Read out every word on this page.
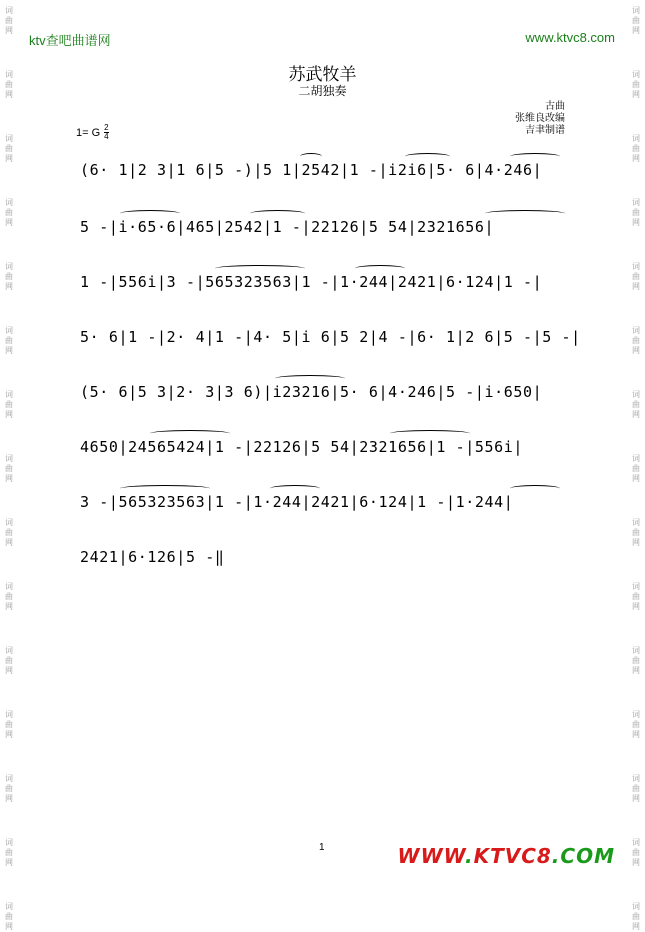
词
曲
网
词
曲
网
词
曲
网
词
曲
网
词
曲
网
词
曲
网
词
曲
网
词
曲
网
词
曲
网
词
曲
网
词
曲
网
词
曲
网
词
曲
网
词
曲
网
词
曲
网
词
曲
网
词
曲
网
词
曲
网
词
曲
网
词
曲
网
词
曲
网
词
曲
网
词
曲
网
词
曲
网
词
曲
网
词
曲
网
词
曲
网
词
曲
网
词
曲
网
词
曲
网
ktv查吧曲谱网	www.ktvc8.com
苏武牧羊
二胡独奏
古曲
张维良改编
吉聿制谱
1= G $\frac{2}{4}$
(6· 1|2 3|1 6|5 -)|5 1|2542|1 -|i2i6|5· 6|4·246|
5 -|i·65·6|465|2542|1 -|22126|5 54|2321656|
1 -|556i|3 -|565323563|1 -|1·244|2421|6·124|1 -|
5· 6|1 -|2· 4|1 -|4· 5|i 6|5 2|4 -|6· 1|2 6|5 -|5 -|
(5· 6|5 3|2· 3|3 6)|i23216|5· 6|4·246|5 -|i·650|
4650|24565424|1 -|22126|5 54|2321656|1 -|556i|
3 -|565323563|1 -|1·244|2421|6·124|1 -|1·244|
2421|6·126|5 -‖
1	WWW.KTVC8.COM
